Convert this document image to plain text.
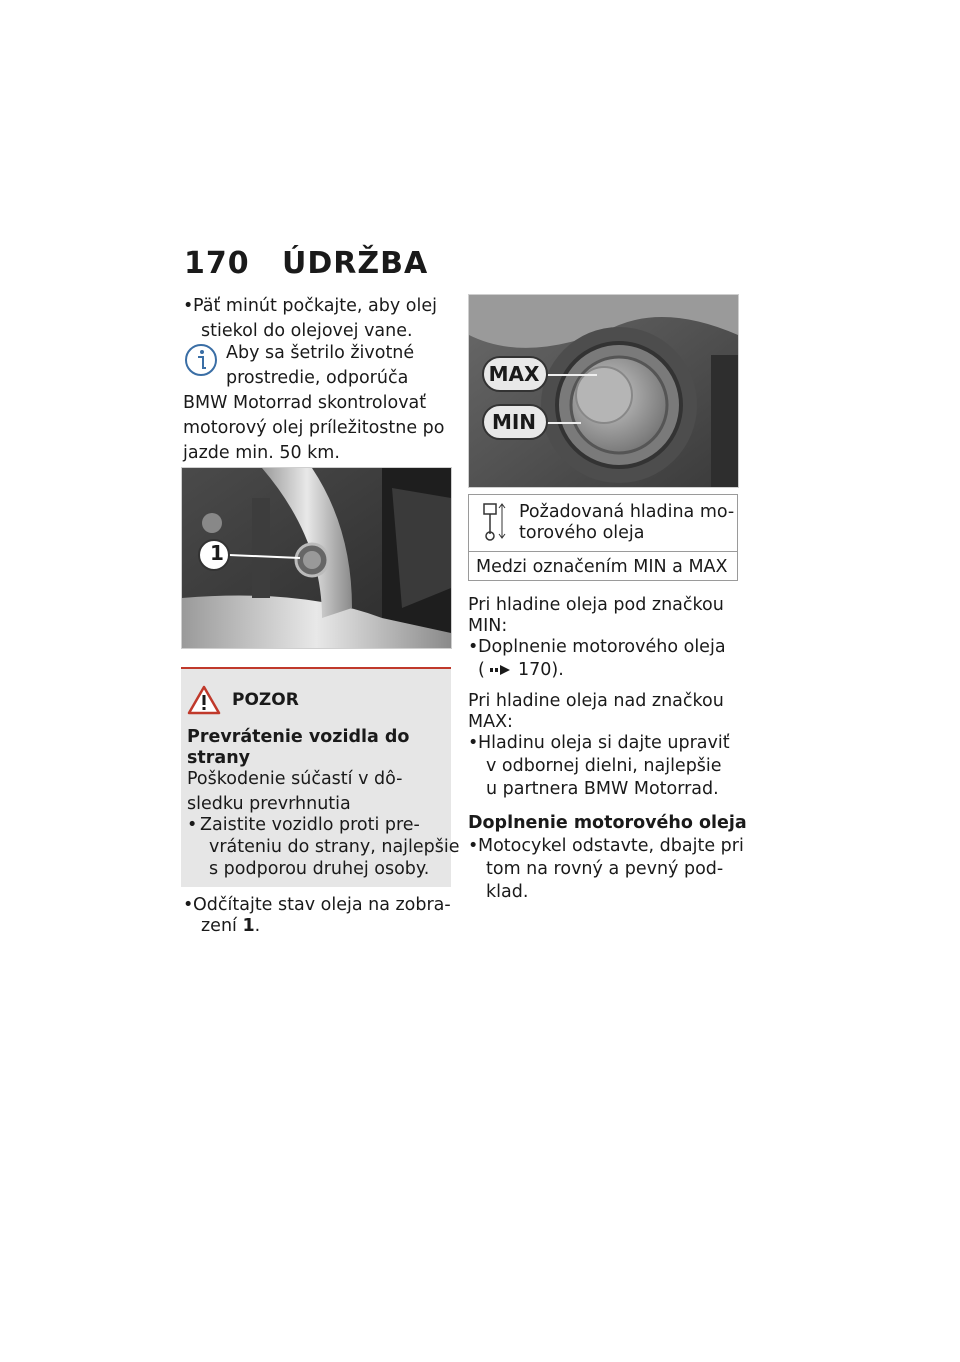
170 ÚDRŽBA
• Päť minút počkajte, aby olej
stiekol do olejovej vane.
Aby sa šetrilo životné
prostredie, odporúča
BMW Motorrad skontrolovať
motorový olej príležitostne po
jazde min. 50 km.
1
POZOR
Prevrátenie vozidla do
strany
Poškodenie súčastí v dô-
sledku prevrhnutia
• Zaistite vozidlo proti pre-
vráteniu do strany, najlepšie
s podporou druhej osoby.
• Odčítajte stav oleja na zobra-
zení 1.
MAX
MIN
Požadovaná hladina mo-
torového oleja
Medzi označením MIN a MAX
Pri hladine oleja pod značkou
MIN:
• Doplnenie motorového oleja
( 170).
Pri hladine oleja nad značkou
MAX:
• Hladinu oleja si dajte upraviť
v odbornej dielni, najlepšie
u partnera BMW Motorrad.
Doplnenie motorového oleja
• Motocykel odstavte, dbajte pri
tom na rovný a pevný pod-
klad.
